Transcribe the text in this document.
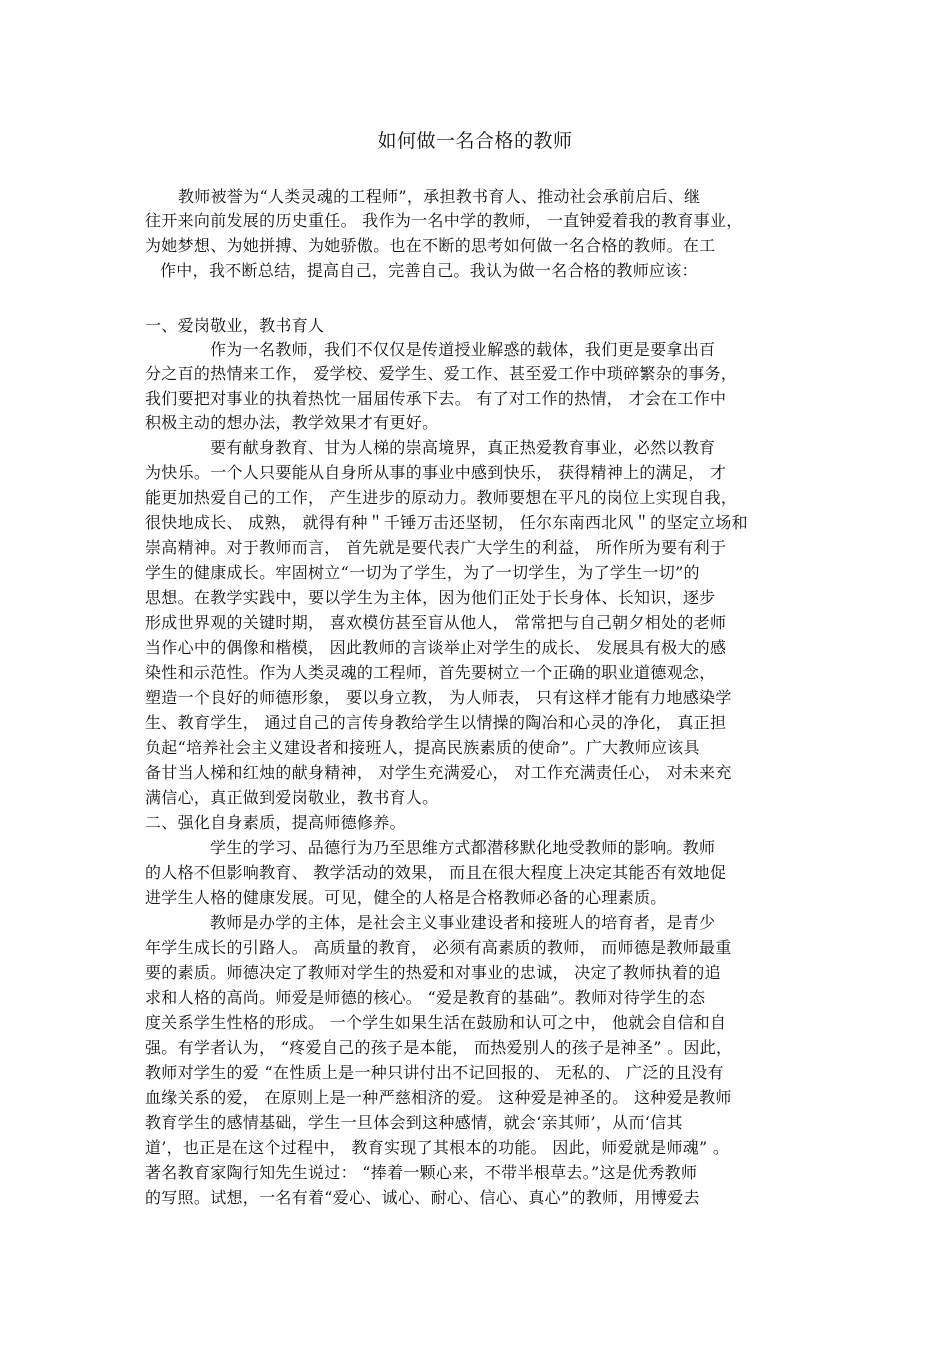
如何做一名合格的教师
教师被誉为“人类灵魂的工程师”，承担教书育人、推动社会承前启后、继
往开来向前发展的历史重任。 我作为一名中学的教师， 一直钟爱着我的教育事业，
为她梦想、为她拼搏、为她骄傲。也在不断的思考如何做一名合格的教师。在工
作中，我不断总结，提高自己，完善自己。我认为做一名合格的教师应该：
一、爱岗敬业，教书育人
作为一名教师，我们不仅仅是传道授业解惑的载体，我们更是要拿出百
分之百的热情来工作， 爱学校、爱学生、爱工作、甚至爱工作中琐碎繁杂的事务，
我们要把对事业的执着热忱一届届传承下去。 有了对工作的热情， 才会在工作中
积极主动的想办法，教学效果才有更好。
要有献身教育、甘为人梯的崇高境界，真正热爱教育事业，必然以教育
为快乐。一个人只要能从自身所从事的事业中感到快乐， 获得精神上的满足， 才
能更加热爱自己的工作， 产生进步的原动力。教师要想在平凡的岗位上实现自我，
很快地成长、 成熟， 就得有种＂千锤万击还坚韧， 任尔东南西北风＂的坚定立场和
崇高精神。对于教师而言， 首先就是要代表广大学生的利益， 所作所为要有利于
学生的健康成长。牢固树立“一切为了学生，为了一切学生，为了学生一切”的
思想。在教学实践中，要以学生为主体，因为他们正处于长身体、长知识，逐步
形成世界观的关键时期， 喜欢模仿甚至盲从他人， 常常把与自己朝夕相处的老师
当作心中的偶像和楷模， 因此教师的言谈举止对学生的成长、 发展具有极大的感
染性和示范性。作为人类灵魂的工程师，首先要树立一个正确的职业道德观念，
塑造一个良好的师德形象， 要以身立教， 为人师表， 只有这样才能有力地感染学
生、教育学生， 通过自己的言传身教给学生以情操的陶冶和心灵的净化， 真正担
负起“培养社会主义建设者和接班人，提高民族素质的使命”。广大教师应该具
备甘当人梯和红烛的献身精神， 对学生充满爱心， 对工作充满责任心， 对未来充
满信心，真正做到爱岗敬业，教书育人。
二、强化自身素质，提高师德修养。
学生的学习、品德行为乃至思维方式都潜移默化地受教师的影响。教师
的人格不但影响教育、 教学活动的效果， 而且在很大程度上决定其能否有效地促
进学生人格的健康发展。可见，健全的人格是合格教师必备的心理素质。
教师是办学的主体，是社会主义事业建设者和接班人的培育者，是青少
年学生成长的引路人。 高质量的教育， 必须有高素质的教师， 而师德是教师最重
要的素质。师德决定了教师对学生的热爱和对事业的忠诚， 决定了教师执着的追
求和人格的高尚。师爱是师德的核心。 “爱是教育的基础”。教师对待学生的态
度关系学生性格的形成。 一个学生如果生活在鼓励和认可之中， 他就会自信和自
强。有学者认为， “疼爱自己的孩子是本能， 而热爱别人的孩子是神圣” 。因此，
教师对学生的爱 “在性质上是一种只讲付出不记回报的、 无私的、 广泛的且没有
血缘关系的爱， 在原则上是一种严慈相济的爱。 这种爱是神圣的。 这种爱是教师
教育学生的感情基础，学生一旦体会到这种感情，就会‘亲其师’，从而‘信其
道’，也正是在这个过程中， 教育实现了其根本的功能。 因此，师爱就是师魂” 。
著名教育家陶行知先生说过： “捧着一颗心来，不带半根草去。”这是优秀教师
的写照。试想，一名有着“爱心、诚心、耐心、信心、真心”的教师，用博爱去
